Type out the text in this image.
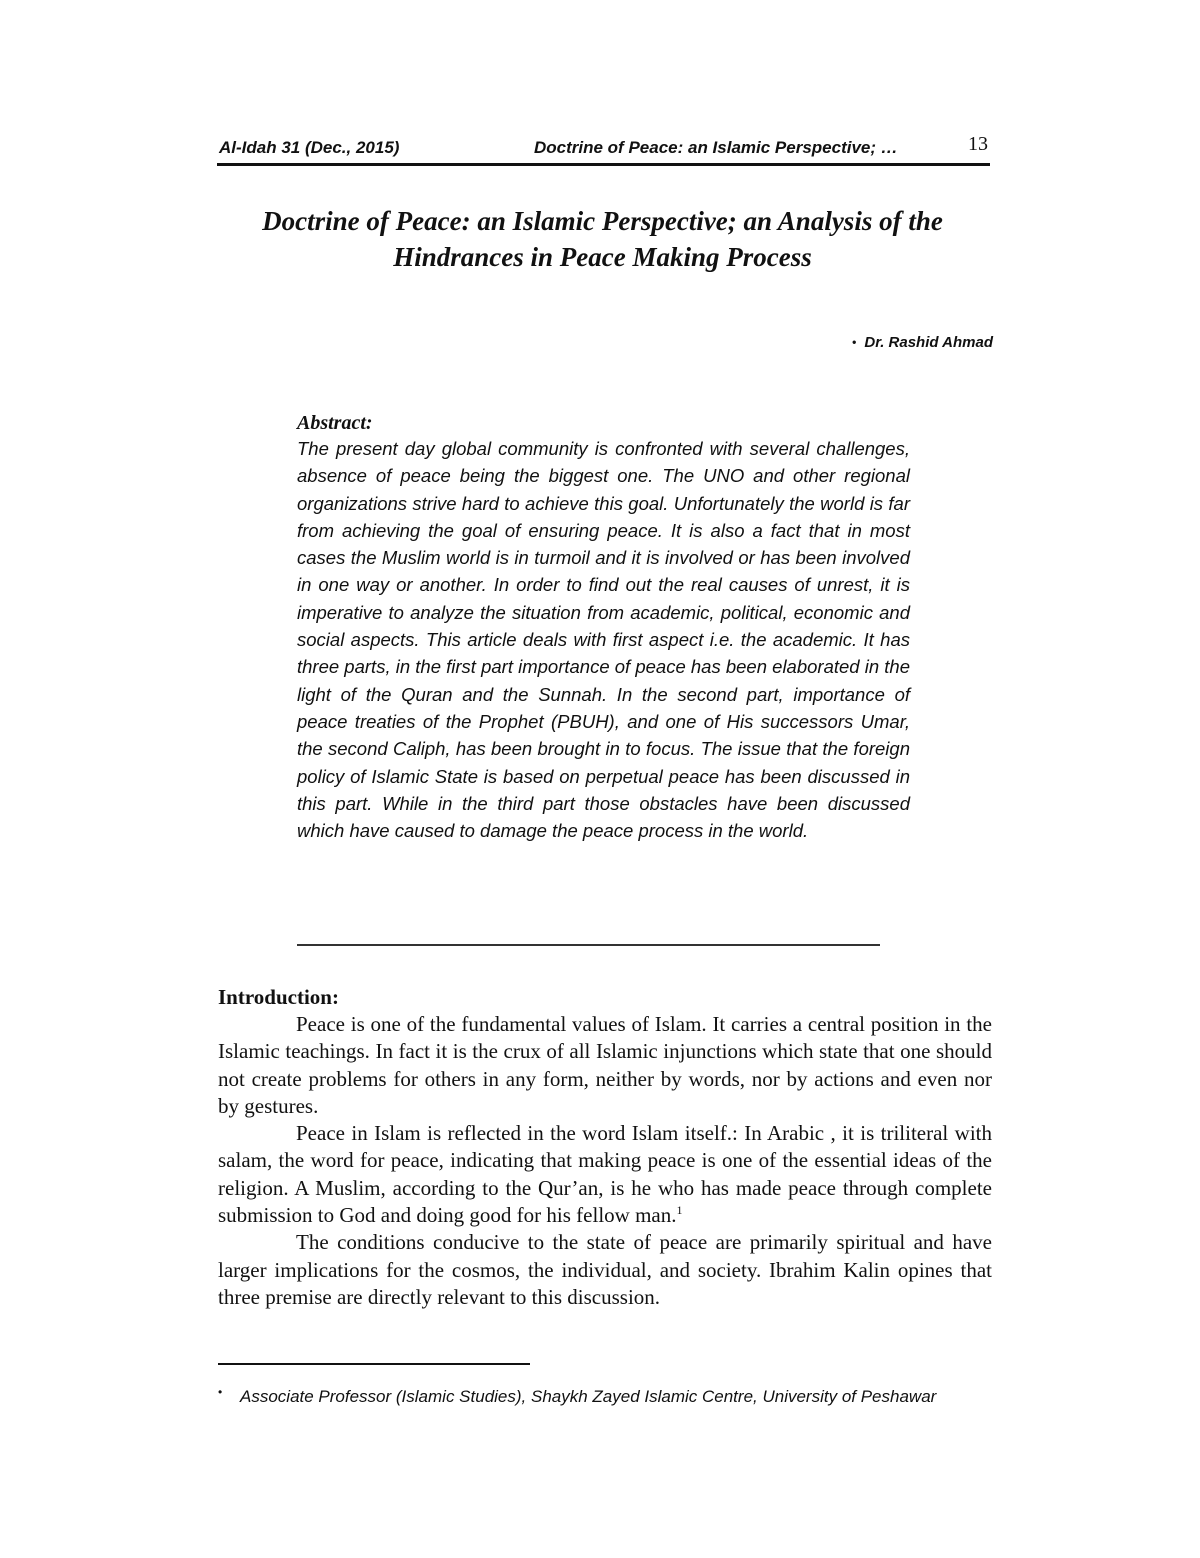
Al-Idah 31 (Dec., 2015)	Doctrine of Peace: an Islamic Perspective; …	13
Doctrine of Peace: an Islamic Perspective; an Analysis of the
Hindrances in Peace Making Process
• Dr. Rashid Ahmad
Abstract:

The present day global community is confronted with several challenges, absence of peace being the biggest one. The UNO and other regional organizations strive hard to achieve this goal. Unfortunately the world is far from achieving the goal of ensuring peace. It is also a fact that in most cases the Muslim world is in turmoil and it is involved or has been involved in one way or another. In order to find out the real causes of unrest, it is imperative to analyze the situation from academic, political, economic and social aspects. This article deals with first aspect i.e. the academic. It has three parts, in the first part importance of peace has been elaborated in the light of the Quran and the Sunnah. In the second part, importance of peace treaties of the Prophet (PBUH), and one of His successors Umar, the second Caliph, has been brought in to focus. The issue that the foreign policy of Islamic State is based on perpetual peace has been discussed in this part. While in the third part those obstacles have been discussed which have caused to damage the peace process in the world.

Introduction:

Peace is one of the fundamental values of Islam. It carries a central position in the Islamic teachings. In fact it is the crux of all Islamic injunctions which state that one should not create problems for others in any form, neither by words, nor by actions and even nor by gestures.

Peace in Islam is reflected in the word Islam itself.: In Arabic , it is triliteral with salam, the word for peace, indicating that making peace is one of the essential ideas of the religion. A Muslim, according to the Qur’an, is he who has made peace through complete submission to God and doing good for his fellow man.$^1$

The conditions conducive to the state of peace are primarily spiritual and have larger implications for the cosmos, the individual, and society. Ibrahim Kalin opines that three premise are directly relevant to this discussion.

•	Associate Professor (Islamic Studies), Shaykh Zayed Islamic Centre, University of Peshawar
